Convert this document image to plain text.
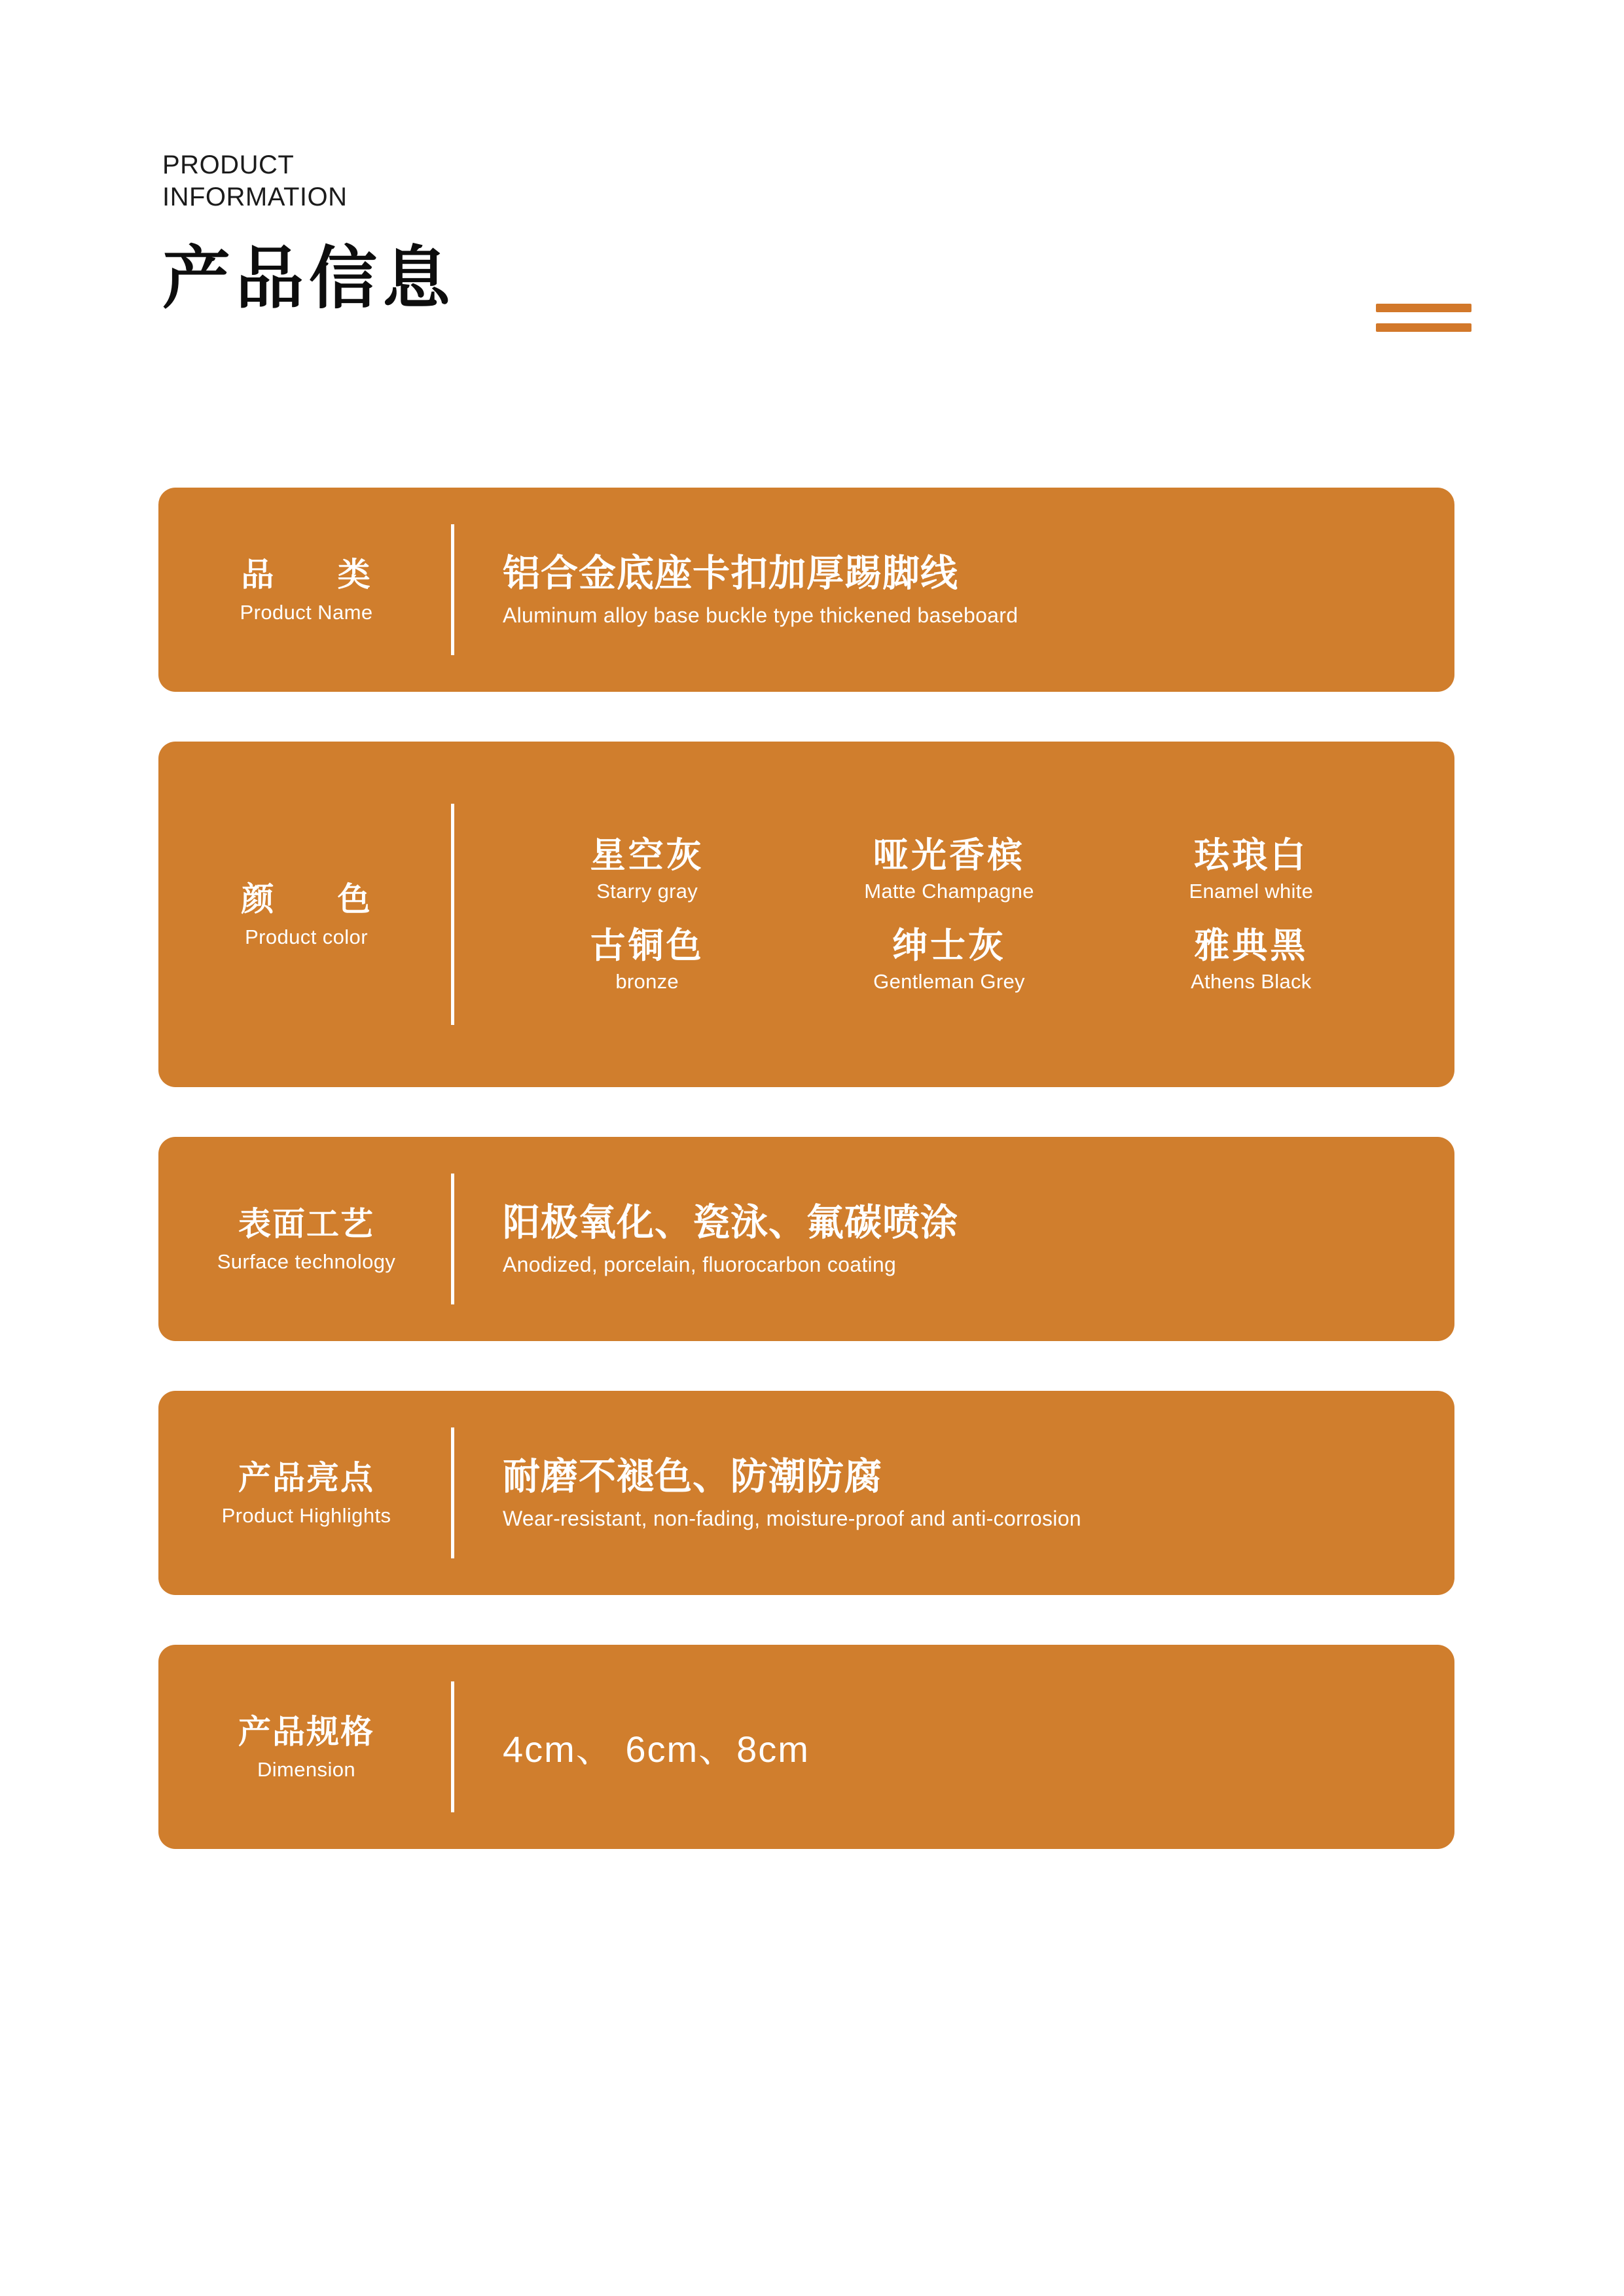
PRODUCT
INFORMATION
产品信息
品      类
Product Name
铝合金底座卡扣加厚踢脚线
Aluminum alloy base buckle type thickened baseboard
颜      色
Product color
星空灰
Starry gray
哑光香槟
Matte Champagne
珐琅白
Enamel white
古铜色
bronze
绅士灰
Gentleman Grey
雅典黑
Athens Black
表面工艺
Surface technology
阳极氧化、瓷泳、氟碳喷涂
Anodized, porcelain, fluorocarbon coating
产品亮点
Product Highlights
耐磨不褪色、防潮防腐
Wear-resistant, non-fading, moisture-proof and anti-corrosion
产品规格
Dimension	4cm、 6cm、8cm
